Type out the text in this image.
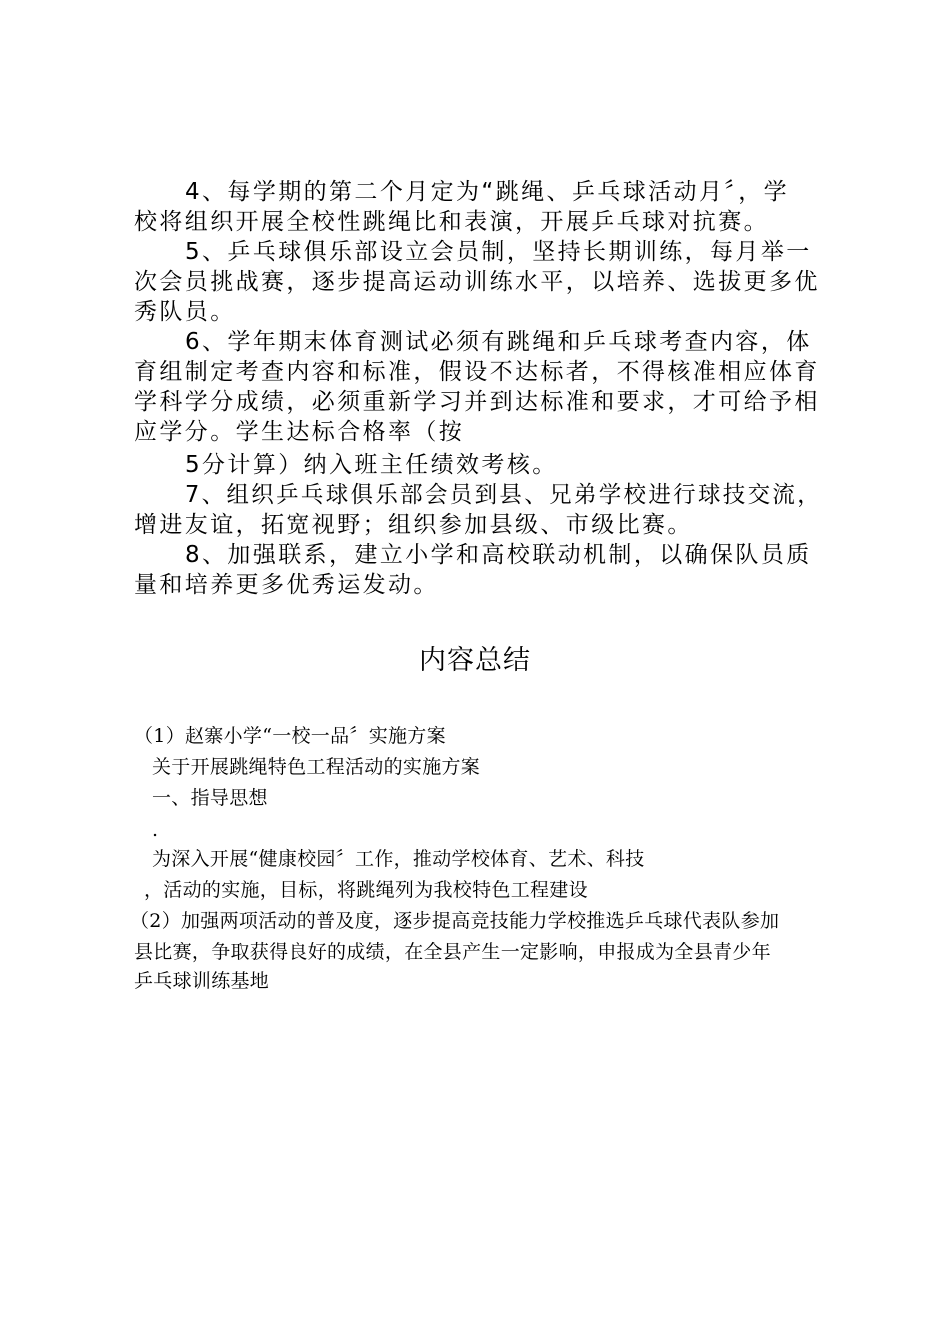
4、每学期的第二个月定为“跳绳、乒乓球活动月〞，学
校将组织开展全校性跳绳比和表演，开展乒乓球对抗赛。
5、乒乓球俱乐部设立会员制，坚持长期训练，每月举一
次会员挑战赛，逐步提高运动训练水平，以培养、选拔更多优
秀队员。
6、学年期末体育测试必须有跳绳和乒乓球考查内容，体
育组制定考查内容和标准，假设不达标者，不得核准相应体育
学科学分成绩，必须重新学习并到达标准和要求，才可给予相
应学分。学生达标合格率（按
5分计算）纳入班主任绩效考核。
7、组织乒乓球俱乐部会员到县、兄弟学校进行球技交流，
增进友谊，拓宽视野；组织参加县级、市级比赛。
8、加强联系，建立小学和高校联动机制，以确保队员质
量和培养更多优秀运发动。
内容总结
（1）赵寨小学“一校一品〞实施方案
关于开展跳绳特色工程活动的实施方案
一、指导思想
.
为深入开展“健康校园〞工作，推动学校体育、艺术、科技
，活动的实施，目标，将跳绳列为我校特色工程建设
（2）加强两项活动的普及度，逐步提高竞技能力学校推选乒乓球代表队参加
县比赛，争取获得良好的成绩，在全县产生一定影响，申报成为全县青少年
乒乓球训练基地
